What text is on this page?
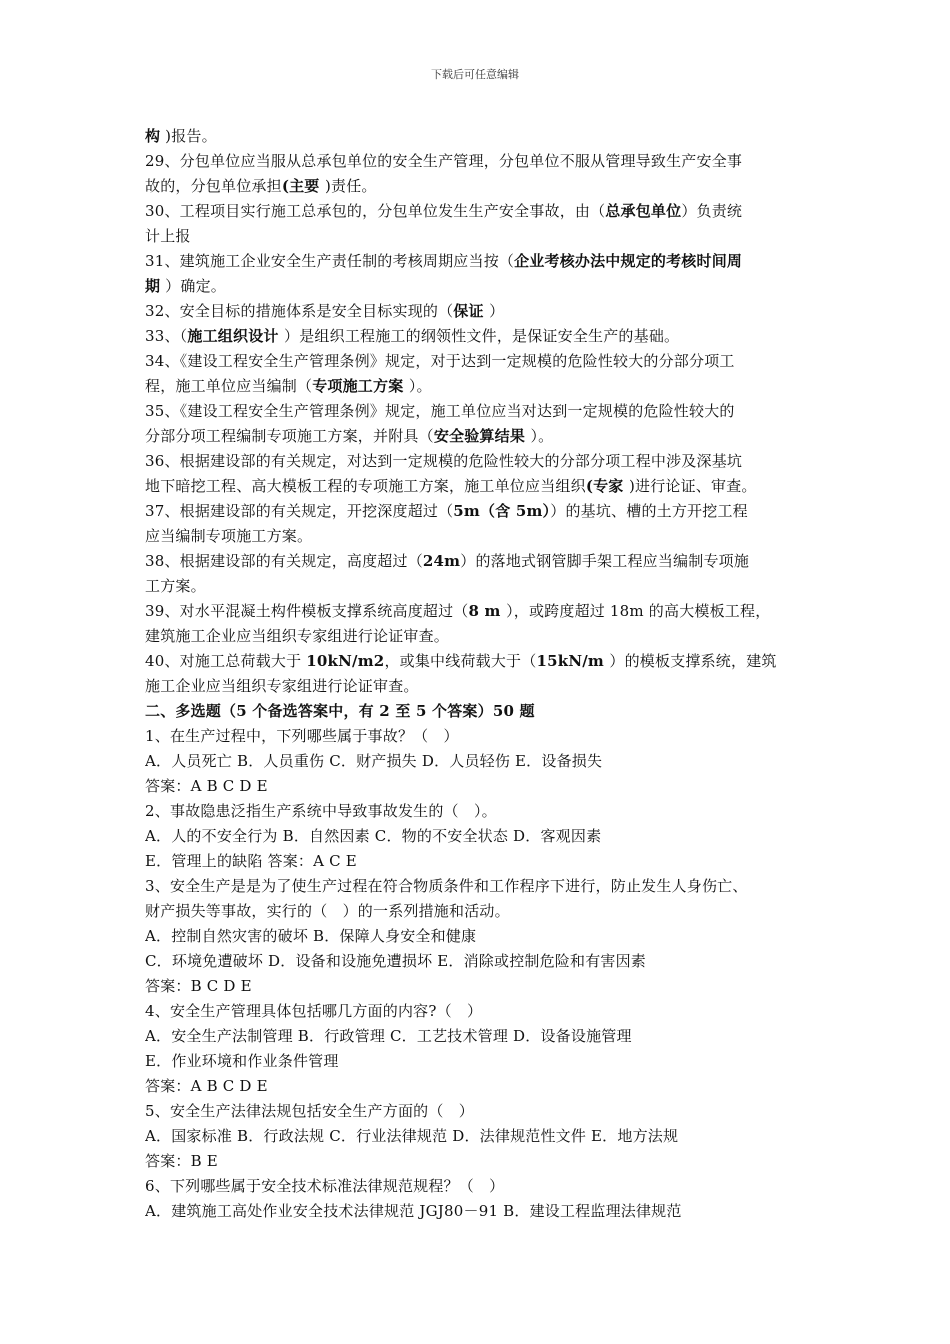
下载后可任意编辑
构 )报告。
29、分包单位应当服从总承包单位的安全生产管理，分包单位不服从管理导致生产安全事
故的，分包单位承担(主要 )责任。
30、工程项目实行施工总承包的，分包单位发生生产安全事故，由（总承包单位）负责统
计上报
31、建筑施工企业安全生产责任制的考核周期应当按（企业考核办法中规定的考核时间周
期 ）确定。
32、安全目标的措施体系是安全目标实现的（保证 ）
33、（施工组织设计 ）是组织工程施工的纲领性文件，是保证安全生产的基础。
34、《建设工程安全生产管理条例》规定，对于达到一定规模的危险性较大的分部分项工
程，施工单位应当编制（专项施工方案 ）。
35、《建设工程安全生产管理条例》规定，施工单位应当对达到一定规模的危险性较大的
分部分项工程编制专项施工方案，并附具（安全验算结果 ）。
36、根据建设部的有关规定，对达到一定规模的危险性较大的分部分项工程中涉及深基坑
地下暗挖工程、高大模板工程的专项施工方案，施工单位应当组织(专家 )进行论证、审查。
37、根据建设部的有关规定，开挖深度超过（5m（含 5m））的基坑、槽的土方开挖工程
应当编制专项施工方案。
38、根据建设部的有关规定，高度超过（24m）的落地式钢管脚手架工程应当编制专项施
工方案。
39、对水平混凝土构件模板支撑系统高度超过（8 m ），或跨度超过 18m 的高大模板工程，
建筑施工企业应当组织专家组进行论证审查。
40、对施工总荷载大于 10kN/m2，或集中线荷载大于（15kN/m ）的模板支撑系统，建筑
施工企业应当组织专家组进行论证审查。
二、多选题（5 个备选答案中，有 2 至 5 个答案）50 题
1、在生产过程中，下列哪些属于事故？（　）
A．人员死亡 B．人员重伤 C．财产损失 D．人员轻伤 E．设备损失
答案：A B C D E
2、事故隐患泛指生产系统中导致事故发生的（　）。
A．人的不安全行为 B．自然因素 C．物的不安全状态 D．客观因素
E．管理上的缺陷 答案：A C E
3、安全生产是是为了使生产过程在符合物质条件和工作程序下进行，防止发生人身伤亡、
财产损失等事故，实行的（　）的一系列措施和活动。
A．控制自然灾害的破坏 B．保障人身安全和健康
C．环境免遭破坏 D．设备和设施免遭损坏 E．消除或控制危险和有害因素
答案：B C D E
4、安全生产管理具体包括哪几方面的内容?（　）
A．安全生产法制管理 B．行政管理 C．工艺技术管理 D．设备设施管理
E．作业环境和作业条件管理
答案：A B C D E
5、安全生产法律法规包括安全生产方面的（　）
A．国家标准 B．行政法规 C．行业法律规范 D．法律规范性文件 E．地方法规
答案：B E
6、下列哪些属于安全技术标准法律规范规程？（　）
A．建筑施工高处作业安全技术法律规范 JGJ80－91 B．建设工程监理法律规范
